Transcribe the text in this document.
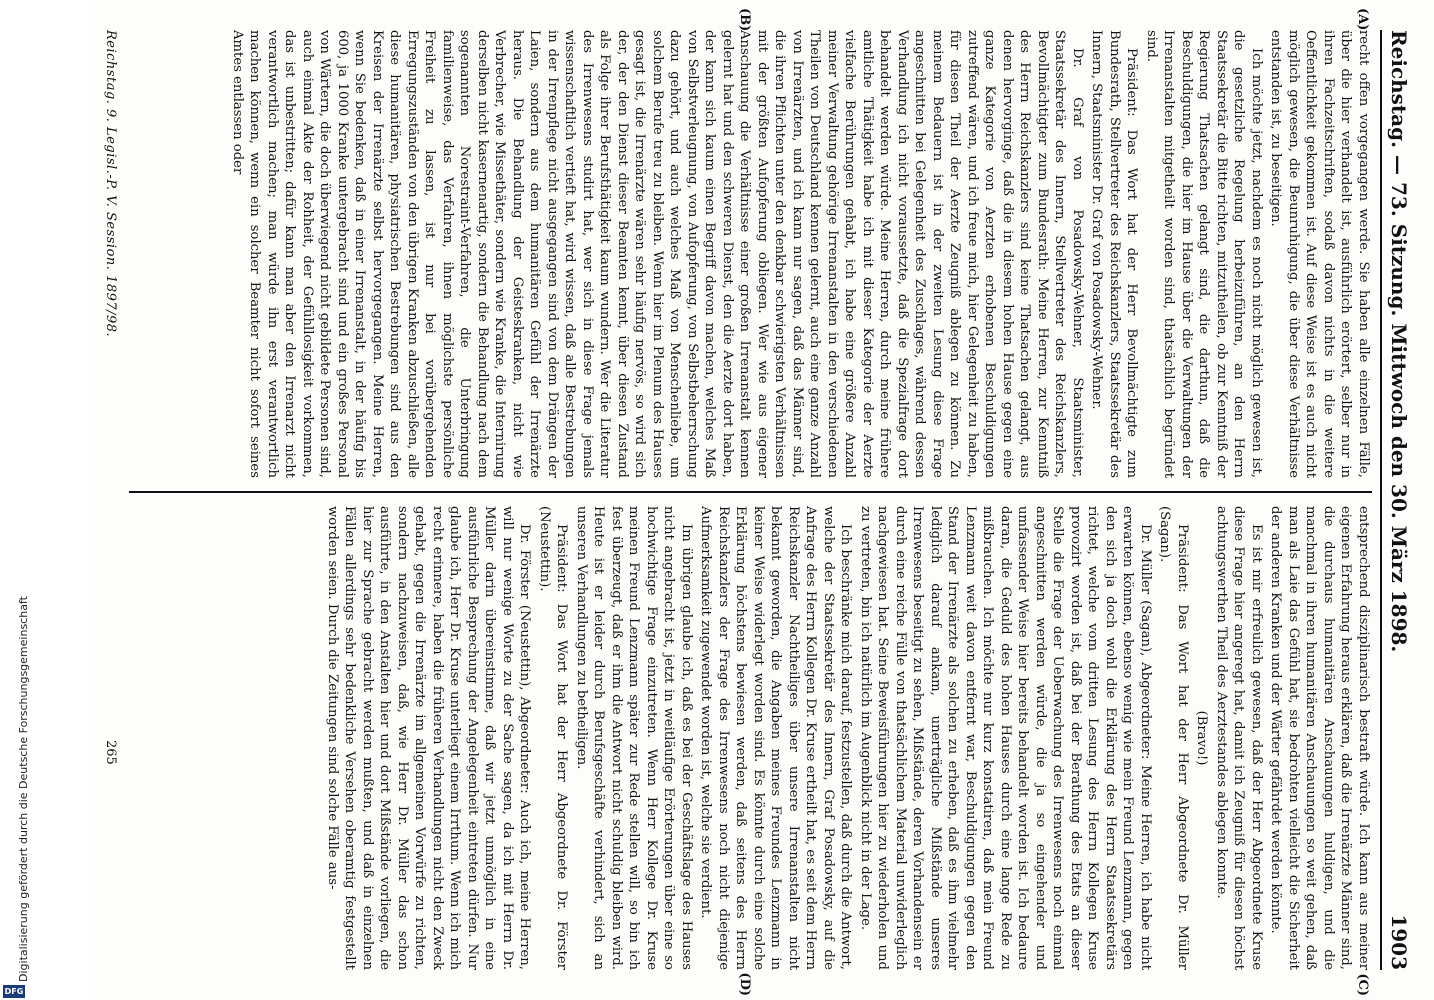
Digitalisierung gefördert durch die Deutsche Forschungsgemeinschaft
DFG
Reichstag. — 73. Sitzung. Mittwoch den 30. März 1898.
1903
(A)
(B)
(C)
(D)

recht offen vorgegangen werde. Sie haben alle einzelnen Fälle, über die hier verhandelt ist, ausführlich erörtert, selber nur in ihren Fachzeitschriften, sodaß davon nichts in die weitere Oeffentlichkeit gekommen ist. Auf diese Weise ist es auch nicht möglich gewesen, die Beunruhigung, die über diese Verhältnisse entstanden ist, zu beseitigen.

Ich möchte jetzt, nachdem es noch nicht möglich gewesen ist, die gesetzliche Regelung herbeizuführen, an den Herrn Staatssekretär die Bitte richten, mitzutheilen, ob zur Kenntniß der Regierung Thatsachen gelangt sind, die darthun, daß die Beschuldigungen, die hier im Hause über die Verwaltungen der Irrenanstalten mitgetheilt worden sind, thatsächlich begründet sind.

Präsident: Das Wort hat der Herr Bevollmächtigte zum Bundesrath, Stellvertreter des Reichskanzlers, Staatssekretär des Innern, Staatsminister Dr. Graf von Posadowsky-Wehner.

Dr. Graf von Posadowsky-Wehner, Staatsminister, Staatssekretär des Innern, Stellvertreter des Reichskanzlers, Bevollmächtigter zum Bundesrath: Meine Herren, zur Kenntniß des Herrn Reichskanzlers sind keine Thatsachen gelangt, aus denen hervorginge, daß die in diesem hohen Hause gegen eine ganze Kategorie von Aerzten erhobenen Beschuldigungen zutreffend wären, und ich freue mich, hier Gelegenheit zu haben, für diesen Theil der Aerzte Zeugniß ablegen zu können. Zu meinem Bedauern ist in der zweiten Lesung diese Frage angeschnitten bei Gelegenheit des Zuschlages, während dessen Verhandlung ich nicht voraussetzte, daß die Spezialfrage dort behandelt werden würde. Meine Herren, durch meine frühere amtliche Thätigkeit habe ich mit dieser Kategorie der Aerzte vielfache Berührungen gehabt, ich habe eine größere Anzahl meiner Verwaltung gehörige Irrenanstalten in den verschiedenen Theilen von Deutschland kennen gelernt, auch eine ganze Anzahl von Irrenärzten, und ich kann nur sagen, daß das Männer sind, die ihren Pflichten unter den denkbar schwierigsten Verhältnissen mit der größten Aufopferung obliegen. Wer wie aus eigener Anschauung die Verhältnisse einer großen Irrenanstalt kennen gelernt hat und den schweren Dienst, den die Aerzte dort haben, der kann sich kaum einen Begriff davon machen, welches Maß von Selbstverleugnung, von Aufopferung, von Selbstbeherrschung dazu gehört, und auch welches Maß von Menschenliebe, um solchem Berufe treu zu bleiben. Wenn hier im Plenum des Hauses gesagt ist, die Irrenärzte wären sehr häufig nervös, so wird sich der, der den Dienst dieser Beamten kennt, über diesen Zustand als Folge ihrer Berufsthätigkeit kaum wundern. Wer die Literatur des Irrenwesens studirt hat, wer sich in diese Frage jemals wissenschaftlich vertieft hat, wird wissen, daß alle Bestrebungen in der Irrenpflege nicht ausgegangen sind von dem Drängen der Laien, sondern aus dem humanitären Gefühl der Irrenärzte heraus. Die Behandlung der Geisteskranken, nicht wie Verbrecher, wie Missethäter, sondern wie Kranke, die Internirung derselben nicht kasernenartig, sondern die Behandlung nach dem sogenannten Norestraint-Verfahren, die Unterbringung familienweise, das Verfahren, ihnen möglichste persönliche Freiheit zu lassen, ist nur bei vorübergehenden Erregungszuständen von den übrigen Kranken abzuschließen, alle diese humanitären, physiatrischen Bestrebungen sind aus den Kreisen der Irrenärzte selbst hervorgegangen. Meine Herren, wenn Sie bedenken, daß in einer Irrenanstalt, in der häufig bis 600, ja 1000 Kranke untergebracht sind und ein großes Personal von Wärtern, die doch überwiegend nicht gebildete Personen sind, auch einmal Akte der Rohheit, der Gefühllosigkeit vorkommen, das ist unbestritten; dafür kann man aber den Irrenarzt nicht verantwortlich machen; man würde ihn erst verantwortlich machen können, wenn ein solcher Beamter nicht sofort seines Amtes entlassen oder

entsprechend disziplinarisch bestraft würde. Ich kann aus meiner eigenen Erfahrung heraus erklären, daß die Irrenärzte Männer sind, die durchaus humanitären Anschauungen huldigen, und die manchmal in ihren humanitären Anschauungen so weit gehen, daß man als Laie das Gefühl hat, sie bedrohten vielleicht die Sicherheit der anderen Kranken und der Wärter gefährdet werden könnte.

Es ist mir erfreulich gewesen, daß der Herr Abgeordnete Kruse diese Frage hier angeregt hat, damit ich Zeugniß für diesen höchst achtungswerthen Theil des Aerztestandes ablegen konnte.

(Bravo!)

Präsident: Das Wort hat der Herr Abgeordnete Dr. Müller (Sagan).

Dr. Müller (Sagan), Abgeordneter: Meine Herren, ich habe nicht erwarten können, ebenso wenig wie mein Freund Lenzmann, gegen den sich ja doch wohl die Erklärung des Herrn Staatssekretärs richtet, welche vom dritten Lesung des Herrn Kollegen Kruse provozirt worden ist, daß bei der Berathung des Etats an dieser Stelle die Frage der Ueberwachung des Irrenwesens noch einmal angeschnitten werden würde, die ja so eingehender und umfassender Weise hier bereits behandelt worden ist. Ich bedaure daran, die Geduld des hohen Hauses durch eine lange Rede zu mißbrauchen. Ich möchte nur kurz konstatiren, daß mein Freund Lenzmann weit davon entfernt war, Beschuldigungen gegen den Stand der Irrenärzte als solchen zu erheben, daß es ihm vielmehr lediglich darauf ankam, unerträgliche Mißstände unseres Irrenwesens beseitigt zu sehen, Mißstände, deren Vorhandensein er durch eine reiche Fülle von thatsächlichem Material unwiderleglich nachgewiesen hat. Seine Beweisführungen hier zu wiederholen und zu vertreten, bin ich natürlich im Augenblick nicht in der Lage.

Ich beschränke mich darauf, festzustellen, daß durch die Antwort, welche der Staatssekretär des Innern, Graf Posadowsky, auf die Anfrage des Herrn Kollegen Dr. Kruse ertheilt hat, es seit dem Herrn Reichskanzler Nachtheiliges über unsere Irrenanstalten nicht bekannt geworden, die Angaben meines Freundes Lenzmann in keiner Weise widerlegt worden sind. Es könnte durch eine solche Erklärung höchstens bewiesen werden, daß seitens des Herrn Reichskanzlers der Frage des Irrenwesens noch nicht diejenige Aufmerksamkeit zugewendet worden ist, welche sie verdient.

Im übrigen glaube ich, daß es bei der Geschäftslage des Hauses nicht angebracht ist, jetzt in weitläufige Erörterungen über eine so hochwichtige Frage einzutreten. Wenn Herr Kollege Dr. Kruse meinen Freund Lenzmann später zur Rede stellen will, so bin ich fest überzeugt, daß er ihm die Antwort nicht schuldig bleiben wird. Heute ist er leider durch Berufsgeschäfte verhindert, sich an unseren Verhandlungen zu betheiligen.

Präsident: Das Wort hat der Herr Abgeordnete Dr. Förster (Neustettin).

Dr. Förster (Neustettin), Abgeordneter: Auch ich, meine Herren, will nur wenige Worte zu der Sache sagen, da ich mit Herrn Dr. Müller darin übereinstimme, daß wir jetzt unmöglich in eine ausführliche Besprechung der Angelegenheit eintreten dürfen. Nur glaube ich, Herr Dr. Kruse unterliegt einem Irrthum. Wenn ich mich recht erinnere, haben die früheren Verhandlungen nicht den Zweck gehabt, gegen die Irrenärzte im allgemeinen Vorwürfe zu richten, sondern nachzuweisen, daß, wie Herr Dr. Müller das schon ausführte, in den Anstalten hier und dort Mißstände vorliegen, die hier zur Sprache gebracht werden mußten, und daß in einzelnen Fällen allerdings sehr bedenkliche Versehen oberamtig festgestellt worden seien. Durch die Zeitungen sind solche Fälle aus-

Reichstag. 9. Legisl.-P. V. Session. 1897/98.
265
